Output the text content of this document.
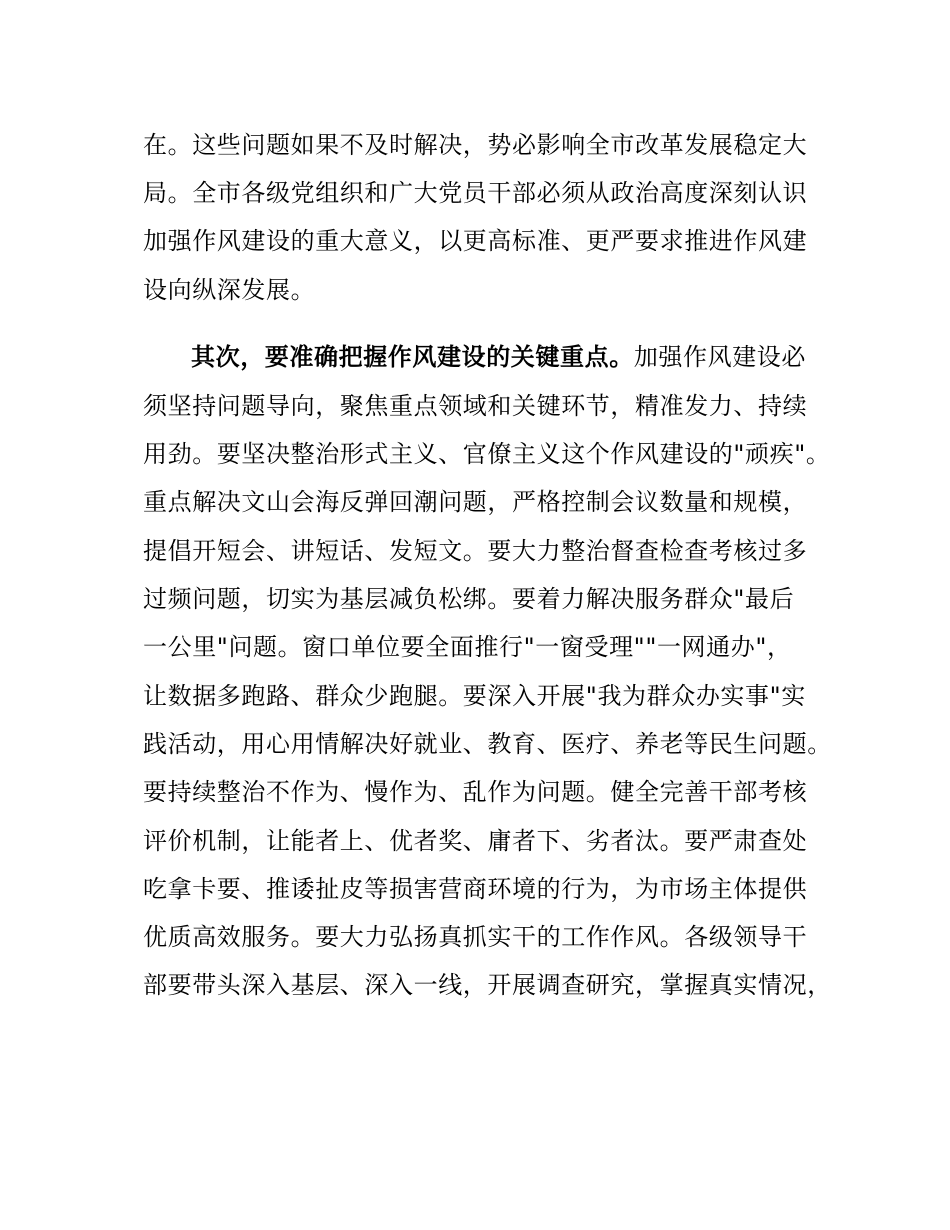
在。这些问题如果不及时解决，势必影响全市改革发展稳定大
局。全市各级党组织和广大党员干部必须从政治高度深刻认识
加强作风建设的重大意义，以更高标准、更严要求推进作风建
设向纵深发展。
其次，要准确把握作风建设的关键重点。加强作风建设必
须坚持问题导向，聚焦重点领域和关键环节，精准发力、持续
用劲。要坚决整治形式主义、官僚主义这个作风建设的"顽疾"。
重点解决文山会海反弹回潮问题，严格控制会议数量和规模，
提倡开短会、讲短话、发短文。要大力整治督查检查考核过多
过频问题，切实为基层减负松绑。要着力解决服务群众"最后
一公里"问题。窗口单位要全面推行"一窗受理""一网通办"，
让数据多跑路、群众少跑腿。要深入开展"我为群众办实事"实
践活动，用心用情解决好就业、教育、医疗、养老等民生问题。
要持续整治不作为、慢作为、乱作为问题。健全完善干部考核
评价机制，让能者上、优者奖、庸者下、劣者汰。要严肃查处
吃拿卡要、推诿扯皮等损害营商环境的行为，为市场主体提供
优质高效服务。要大力弘扬真抓实干的工作作风。各级领导干
部要带头深入基层、深入一线，开展调查研究，掌握真实情况，
